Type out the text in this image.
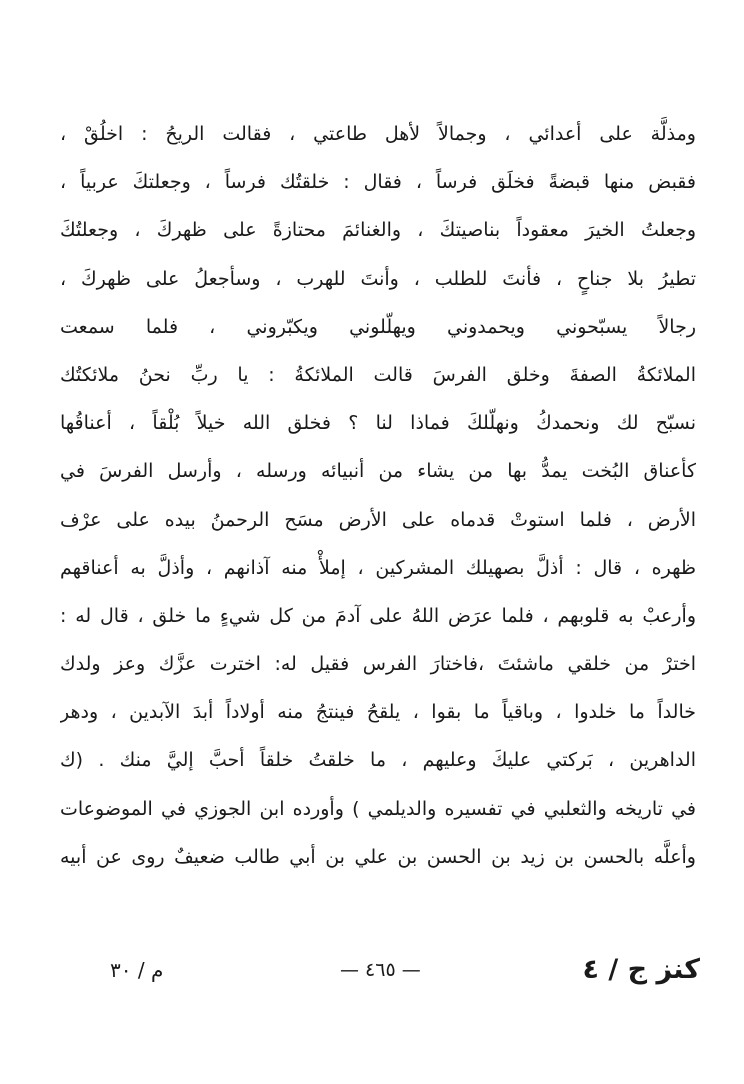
ومذلَّة على أعدائي ، وجمالاً لأهل طاعتي ، فقالت الريحُ : اخلُقْ ،
فقبض منها قبضةً فخلَق فرساً ، فقال : خلقتُك فرساً ، وجعلتكَ عربياً ،
وجعلتُ الخيرَ معقوداً بناصيتكَ ، والغنائمَ محتازةً على ظهركَ ، وجعلتُكَ
تطيرُ بلا جناحٍ ، فأنتَ للطلب ، وأنتَ للهرب ، وسأجعلُ على ظهركَ ،
رجالاً يسبّحوني ويحمدوني ويهلّلوني ويكبّروني ، فلما سمعت
الملائكةُ الصفةَ وخلق الفرسَ قالت الملائكةُ : يا ربِّ نحنُ ملائكتُك
نسبّح لك ونحمدكُ ونهلّلكَ فماذا لنا ؟ فخلق الله خيلاً بُلْقاً ، أعناقُها
كأعناق البُخت يمدُّ بها من يشاء من أنبيائه ورسله ، وأرسل الفرسَ في
الأرض ، فلما استوتْ قدماه على الأرض مسَح الرحمنُ بيده على عرْف
ظهره ، قال : أذلَّ بصهيلك المشركين ، إملأْ منه آذانهم ، وأذلَّ به أعناقهم
وأرعبْ به قلوبهم ، فلما عرَض اللهُ على آدمَ من كل شيءٍ ما خلق ، قال له :
اخترْ من خلقي ماشئتَ ،فاختارَ الفرس فقيل له: اخترت عزَّك وعز ولدك
خالداً ما خلدوا ، وباقياً ما بقوا ، يلقحُ فينتجُ منه أولاداً أبدَ الآبدين ، ودهر
الداهرين ، بَركتي عليكَ وعليهم ، ما خلقتُ خلقاً أحبَّ إليَّ منك . (ك
في تاريخه والثعلبي في تفسيره والديلمي ) وأورده ابن الجوزي في الموضوعات
وأعلَّه بالحسن بن زيد بن الحسن بن علي بن أبي طالب ضعيفٌ روى عن أبيه
كنز ج / ٤
— ٤٦٥ —
م / ٣٠
